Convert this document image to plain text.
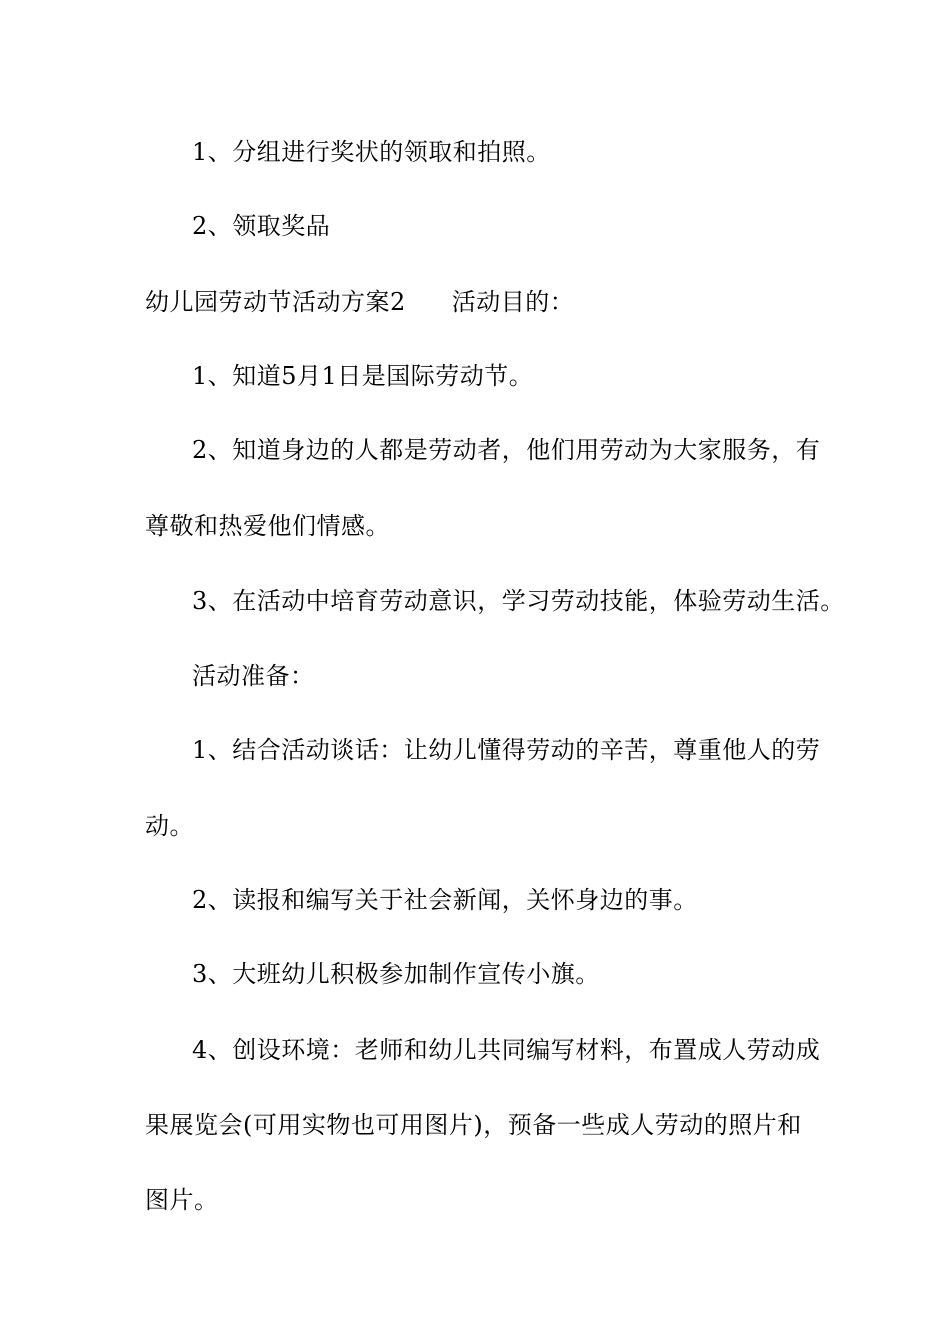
1、分组进行奖状的领取和拍照。
2、领取奖品
幼儿园劳动节活动方案2 活动目的：
1、知道5月1日是国际劳动节。
2、知道身边的人都是劳动者，他们用劳动为大家服务，有
尊敬和热爱他们情感。
3、在活动中培育劳动意识，学习劳动技能，体验劳动生活。
活动准备：
1、结合活动谈话：让幼儿懂得劳动的辛苦，尊重他人的劳
动。
2、读报和编写关于社会新闻，关怀身边的事。
3、大班幼儿积极参加制作宣传小旗。
4、创设环境：老师和幼儿共同编写材料，布置成人劳动成
果展览会(可用实物也可用图片)，预备一些成人劳动的照片和
图片。
